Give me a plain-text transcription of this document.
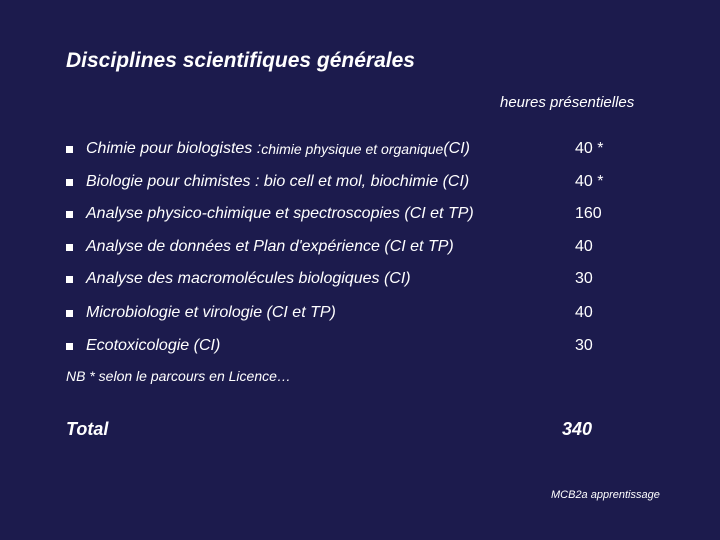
Disciplines scientifiques générales
heures présentielles
Chimie pour biologistes : chimie physique et organique (CI)	40 *
Biologie pour chimistes : bio cell et mol, biochimie (CI)	40 *
Analyse physico-chimique et spectroscopies (CI et TP)	160
Analyse de données et Plan d'expérience (CI et TP)	40
Analyse des macromolécules biologiques (CI)	30
Microbiologie et virologie (CI et TP)	40
Ecotoxicologie (CI)	30
NB * selon le parcours en Licence…
Total	340
MCB2a apprentissage
